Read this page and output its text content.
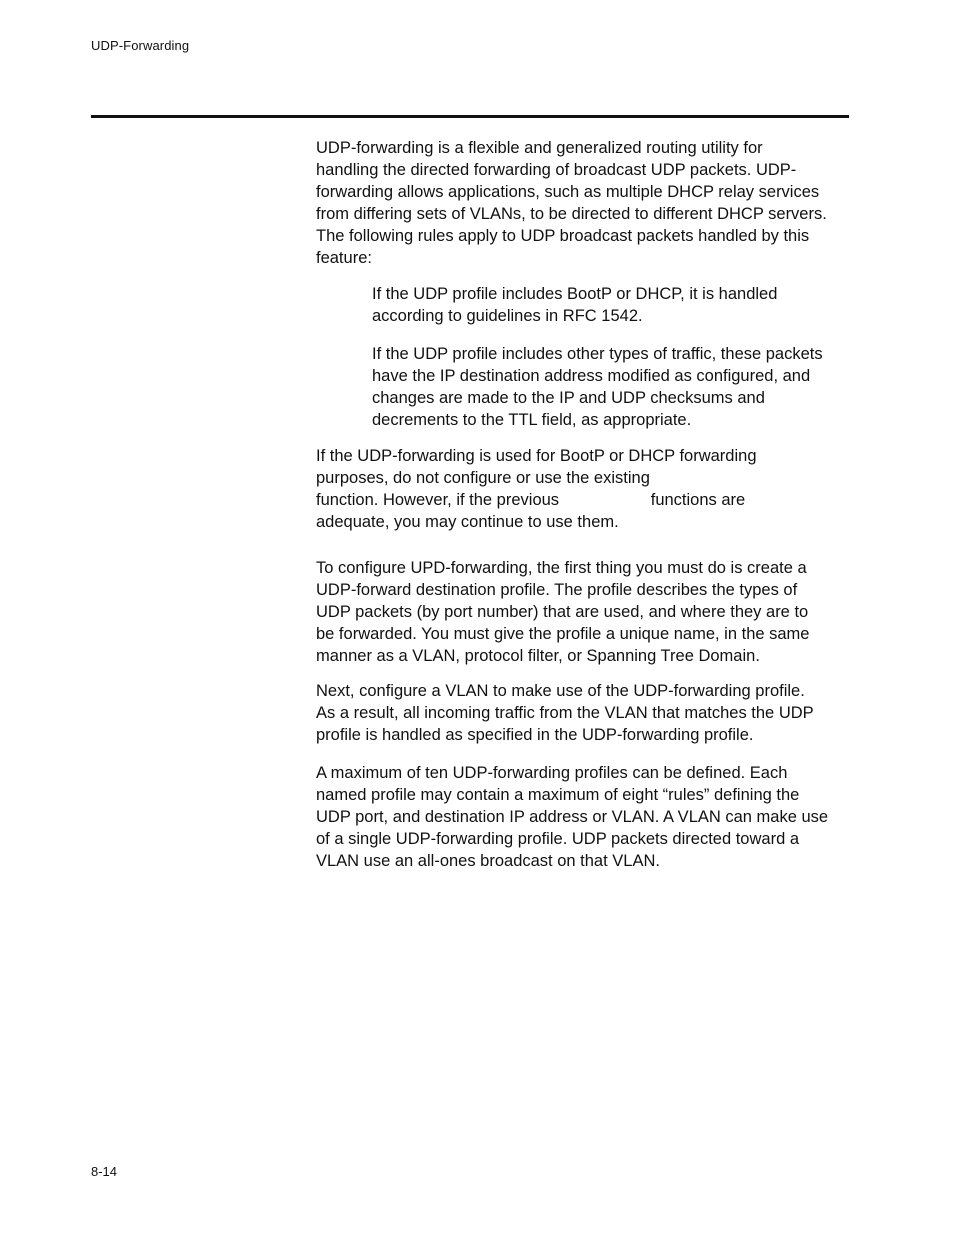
UDP-Forwarding
UDP-forwarding is a flexible and generalized routing utility for
handling the directed forwarding of broadcast UDP packets. UDP-
forwarding allows applications, such as multiple DHCP relay services
from differing sets of VLANs, to be directed to different DHCP servers.
The following rules apply to UDP broadcast packets handled by this
feature:
If the UDP profile includes BootP or DHCP, it is handled
according to guidelines in RFC 1542.
If the UDP profile includes other types of traffic, these packets
have the IP destination address modified as configured, and
changes are made to the IP and UDP checksums and
decrements to the TTL field, as appropriate.
If the UDP-forwarding is used for BootP or DHCP forwarding
purposes, do not configure or use the existing
function. However, if the previous                    functions are
adequate, you may continue to use them.
To configure UPD-forwarding, the first thing you must do is create a
UDP-forward destination profile. The profile describes the types of
UDP packets (by port number) that are used, and where they are to
be forwarded. You must give the profile a unique name, in the same
manner as a VLAN, protocol filter, or Spanning Tree Domain.
Next, configure a VLAN to make use of the UDP-forwarding profile.
As a result, all incoming traffic from the VLAN that matches the UDP
profile is handled as specified in the UDP-forwarding profile.
A maximum of ten UDP-forwarding profiles can be defined. Each
named profile may contain a maximum of eight “rules” defining the
UDP port, and destination IP address or VLAN. A VLAN can make use
of a single UDP-forwarding profile. UDP packets directed toward a
VLAN use an all-ones broadcast on that VLAN.
8-14
